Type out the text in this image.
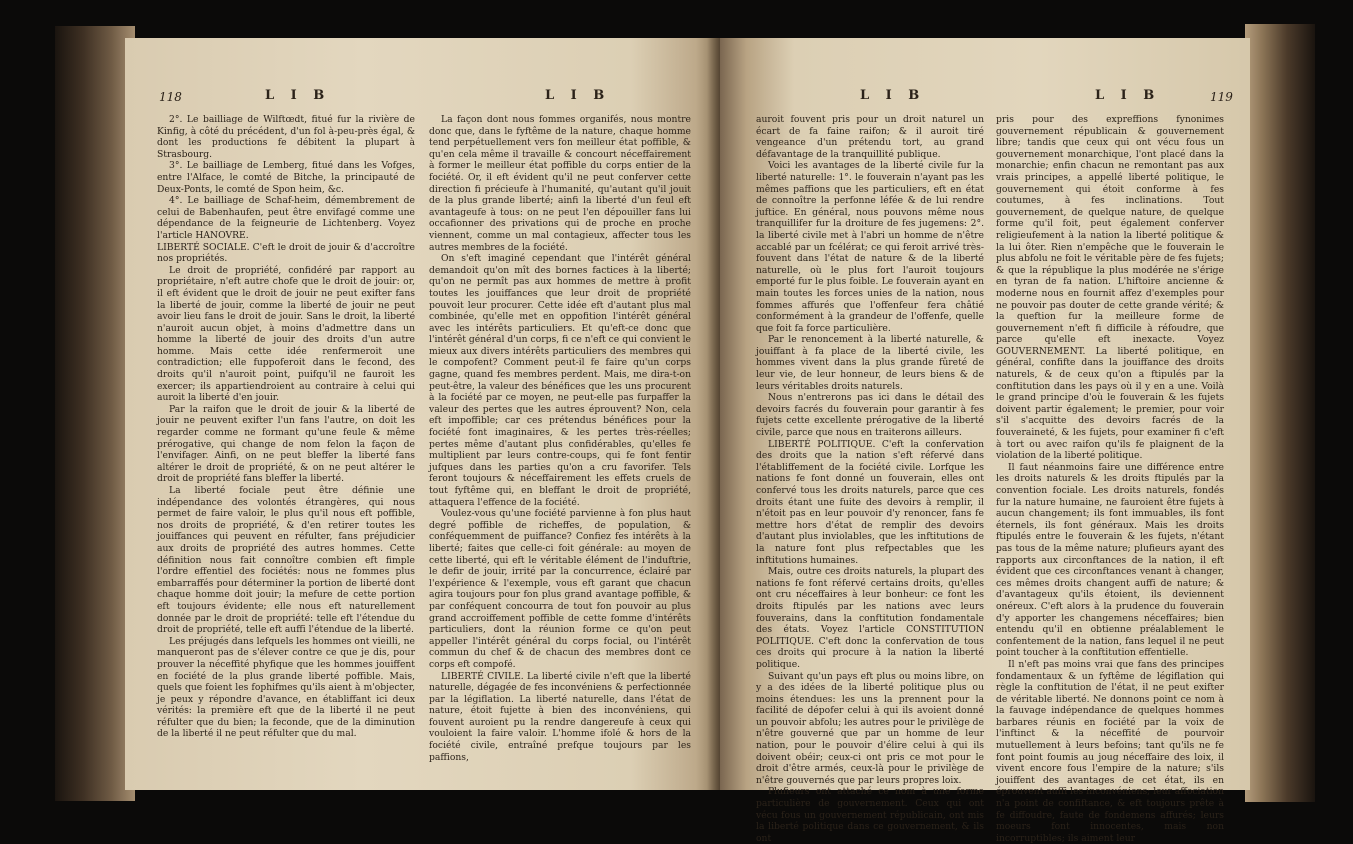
118	L I B	L I B

2°. Le bailliage de Wilftœdt, fitué fur la rivière de Kinfig, à côté du précédent, d'un fol à-peu-près égal, & dont les productions fe débitent la plupart à Strasbourg.

3°. Le bailliage de Lemberg, fitué dans les Vofges, entre l'Alface, le comté de Bitche, la principauté de Deux-Ponts, le comté de Spon heim, &c.

4°. Le bailliage de Schaf-heim, démembrement de celui de Babenhaufen, peut être envifagé comme une dépendance de la feigneurie de Lichtenberg. Voyez l'article HANOVRE.

LIBERTÉ SOCIALE. C'eft le droit de jouir & d'accroître nos propriétés.

Le droit de propriété, confidéré par rapport au propriétaire, n'eft autre chofe que le droit de jouir: or, il eft évident que le droit de jouir ne peut exifter fans la liberté de jouir, comme la liberté de jouir ne peut avoir lieu fans le droit de jouir. Sans le droit, la liberté n'auroit aucun objet, à moins d'admettre dans un homme la liberté de jouir des droits d'un autre homme. Mais cette idée renfermeroit une contradiction; elle fuppoferoit dans le fecond, des droits qu'il n'auroit point, puifqu'il ne fauroit les exercer; ils appartiendroient au contraire à celui qui auroit la liberté d'en jouir.

Par la raifon que le droit de jouir & la liberté de jouir ne peuvent exifter l'un fans l'autre, on doit les regarder comme ne formant qu'une feule & même prérogative, qui change de nom felon la façon de l'envifager. Ainfi, on ne peut bleffer la liberté fans altérer le droit de propriété, & on ne peut altérer le droit de propriété fans bleffer la liberté.

La liberté fociale peut être définie une indépendance des volontés étrangères, qui nous permet de faire valoir, le plus qu'il nous eft poffible, nos droits de propriété, & d'en retirer toutes les jouiffances qui peuvent en réfulter, fans préjudicier aux droits de propriété des autres hommes. Cette définition nous fait connoître combien eft fimple l'ordre effentiel des fociétés: nous ne fommes plus embarraffés pour déterminer la portion de liberté dont chaque homme doit jouir; la mefure de cette portion eft toujours évidente; elle nous eft naturellement donnée par le droit de propriété: telle eft l'étendue du droit de propriété, telle eft auffi l'étendue de la liberté.

Les préjugés dans lefquels les hommes ont vieilli, ne manqueront pas de s'élever contre ce que je dis, pour prouver la néceffité phyfique que les hommes jouiffent en fociété de la plus grande liberté poffible. Mais, quels que foient les fophifmes qu'ils aient à m'objecter, je peux y répondre d'avance, en établiffant ici deux vérités: la première eft que de la liberté il ne peut réfulter que du bien; la feconde, que de la diminution de la liberté il ne peut réfulter que du mal.

La façon dont nous fommes organifés, nous montre donc que, dans le fyftême de la nature, chaque homme tend perpétuellement vers fon meilleur état poffible, & qu'en cela même il travaille & concourt néceffairement à former le meilleur état poffible du corps entier de la fociété. Or, il eft évident qu'il ne peut conferver cette direction fi précieufe à l'humanité, qu'autant qu'il jouit de la plus grande liberté; ainfi la liberté d'un feul eft avantageufe à tous: on ne peut l'en dépouiller fans lui occafionner des privations qui de proche en proche viennent, comme un mal contagieux, affecter tous les autres membres de la fociété.

On s'eft imaginé cependant que l'intérêt général demandoit qu'on mît des bornes factices à la liberté; qu'on ne permît pas aux hommes de mettre à profit toutes les jouiffances que leur droit de propriété pouvoit leur procurer. Cette idée eft d'autant plus mal combinée, qu'elle met en oppofition l'intérêt général avec les intérêts particuliers. Et qu'eft-ce donc que l'intérêt général d'un corps, fi ce n'eft ce qui convient le mieux aux divers intérêts particuliers des membres qui le compofent? Comment peut-il fe faire qu'un corps gagne, quand fes membres perdent. Mais, me dira-t-on peut-être, la valeur des bénéfices que les uns procurent à la fociété par ce moyen, ne peut-elle pas furpaffer la valeur des pertes que les autres éprouvent? Non, cela eft impoffible; car ces prétendus bénéfices pour la fociété font imaginaires, & les pertes très-réelles; pertes même d'autant plus confidérables, qu'elles fe multiplient par leurs contre-coups, qui fe font fentir jufques dans les parties qu'on a cru favorifer. Tels feront toujours & néceffairement les effets cruels de tout fyftême qui, en bleffant le droit de propriété, attaquera l'effence de la fociété.

Voulez-vous qu'une fociété parvienne à fon plus haut degré poffible de richeffes, de population, & conféquemment de puiffance? Confiez fes intérêts à la liberté; faites que celle-ci foit générale: au moyen de cette liberté, qui eft le véritable élément de l'induftrie, le defir de jouir, irrité par la concurrence, éclairé par l'expérience & l'exemple, vous eft garant que chacun agira toujours pour fon plus grand avantage poffible, & par conféquent concourra de tout fon pouvoir au plus grand accroiffement poffible de cette fomme d'intérêts particuliers, dont la réunion forme ce qu'on peut appeller l'intérêt général du corps focial, ou l'intérêt commun du chef & de chacun des membres dont ce corps eft compofé.

LIBERTÉ CIVILE. La liberté civile n'eft que la liberté naturelle, dégagée de fes inconvéniens & perfectionnée par la légiflation. La liberté naturelle, dans l'état de nature, étoit fujette à bien des inconvéniens, qui fouvent auroient pu la rendre dangereufe à ceux qui vouloient la faire valoir. L'homme ifolé & hors de la fociété civile, entraîné prefque toujours par les paffions,

L I B	L I B	119

auroit fouvent pris pour un droit naturel un écart de fa faine raifon; & il auroit tiré vengeance d'un prétendu tort, au grand défavantage de la tranquillité publique.

Voici les avantages de la liberté civile fur la liberté naturelle: 1°. le fouverain n'ayant pas les mêmes paffions que les particuliers, eft en état de connoître la perfonne léfée & de lui rendre juftice. En général, nous pouvons même nous tranquillifer fur la droiture de fes jugemens: 2°. la liberté civile met à l'abri un homme de n'être accablé par un fcélérat; ce qui feroit arrivé très-fouvent dans l'état de nature & de la liberté naturelle, où le plus fort l'auroit toujours emporté fur le plus foible. Le fouverain ayant en main toutes les forces unies de la nation, nous fommes affurés que l'offenfeur fera châtié conformément à la grandeur de l'offenfe, quelle que foit fa force particulière.

Par le renoncement à la liberté naturelle, & jouiffant à fa place de la liberté civile, les hommes vivent dans la plus grande fûreté de leur vie, de leur honneur, de leurs biens & de leurs véritables droits naturels.

Nous n'entrerons pas ici dans le détail des devoirs facrés du fouverain pour garantir à fes fujets cette excellente prérogative de la liberté civile, parce que nous en traiterons ailleurs.

LIBERTÉ POLITIQUE. C'eft la confervation des droits que la nation s'eft réfervé dans l'établiffement de la fociété civile. Lorfque les nations fe font donné un fouverain, elles ont confervé tous les droits naturels, parce que ces droits étant une fuite des devoirs à remplir, il n'étoit pas en leur pouvoir d'y renoncer, fans fe mettre hors d'état de remplir des devoirs d'autant plus inviolables, que les inftitutions de la nature font plus refpectables que les inftitutions humaines.

Mais, outre ces droits naturels, la plupart des nations fe font réfervé certains droits, qu'elles ont cru néceffaires à leur bonheur: ce font les droits ftipulés par les nations avec leurs fouverains, dans la conftitution fondamentale des états. Voyez l'article CONSTITUTION POLITIQUE. C'eft donc la confervation de tous ces droits qui procure à la nation la liberté politique.

Suivant qu'un pays eft plus ou moins libre, on y a des idées de la liberté politique plus ou moins étendues: les uns la prennent pour la facilité de dépofer celui à qui ils avoient donné un pouvoir abfolu; les autres pour le privilège de n'être gouverné que par un homme de leur nation, pour le pouvoir d'élire celui à qui ils doivent obéir; ceux-ci ont pris ce mot pour le droit d'être armés, ceux-là pour le privilège de n'être gouvernés que par leurs propres loix.

Plufieurs ont attaché ce nom à une forme particulière de gouvernement. Ceux qui ont vécu fous un gouvernement républicain, ont mis la liberté politique dans ce gouvernement, & ils ont

pris pour des expreffions fynonimes gouvernement républicain & gouvernement libre; tandis que ceux qui ont vécu fous un gouvernement monarchique, l'ont placé dans la monarchie; enfin chacun ne remontant pas aux vrais principes, a appellé liberté politique, le gouvernement qui étoit conforme à fes coutumes, à fes inclinations. Tout gouvernement, de quelque nature, de quelque forme qu'il foit, peut également conferver religieufement à la nation la liberté politique & la lui ôter. Rien n'empêche que le fouverain le plus abfolu ne foit le véritable père de fes fujets; & que la république la plus modérée ne s'érige en tyran de fa nation. L'hiftoire ancienne & moderne nous en fournit affez d'exemples pour ne pouvoir pas douter de cette grande vérité; & la queftion fur la meilleure forme de gouvernement n'eft fi difficile à réfoudre, que parce qu'elle eft inexacte. Voyez GOUVERNEMENT. La liberté politique, en général, confifte dans la jouiffance des droits naturels, & de ceux qu'on a ftipulés par la conftitution dans les pays où il y en a une. Voilà le grand principe d'où le fouverain & les fujets doivent partir également; le premier, pour voir s'il s'acquitte des devoirs facrés de la fouveraineté, & les fujets, pour examiner fi c'eft à tort ou avec raifon qu'ils fe plaignent de la violation de la liberté politique.

Il faut néanmoins faire une différence entre les droits naturels & les droits ftipulés par la convention fociale. Les droits naturels, fondés fur la nature humaine, ne fauroient être fujets à aucun changement; ils font immuables, ils font éternels, ils font généraux. Mais les droits ftipulés entre le fouverain & les fujets, n'étant pas tous de la même nature; plufieurs ayant des rapports aux circonftances de la nation, il eft évident que ces circonftances venant à changer, ces mêmes droits changent auffi de nature; & d'avantageux qu'ils étoient, ils deviennent onéreux. C'eft alors à la prudence du fouverain d'y apporter les changemens néceffaires; bien entendu qu'il en obtienne préalablement le confentement de la nation, fans lequel il ne peut point toucher à la conftitution effentielle.

Il n'eft pas moins vrai que fans des principes fondamentaux & un fyftême de légiflation qui règle la conftitution de l'état, il ne peut exifter de véritable liberté. Ne donnons point ce nom à la fauvage indépendance de quelques hommes barbares réunis en fociété par la voix de l'inftinct & la néceffité de pourvoir mutuellement à leurs befoins; tant qu'ils ne fe font point foumis au joug néceffaire des loix, il vivent encore fous l'empire de la nature; s'ils jouiffent des avantages de cet état, ils en éprouvent auffi les inconvéniens; leur affociation n'a point de confiftance, & eft toujours prête à fe diffoudre, faute de fondemens affurés; leurs moeurs font innocentes, mais non incorruptibles; ils aiment leur
